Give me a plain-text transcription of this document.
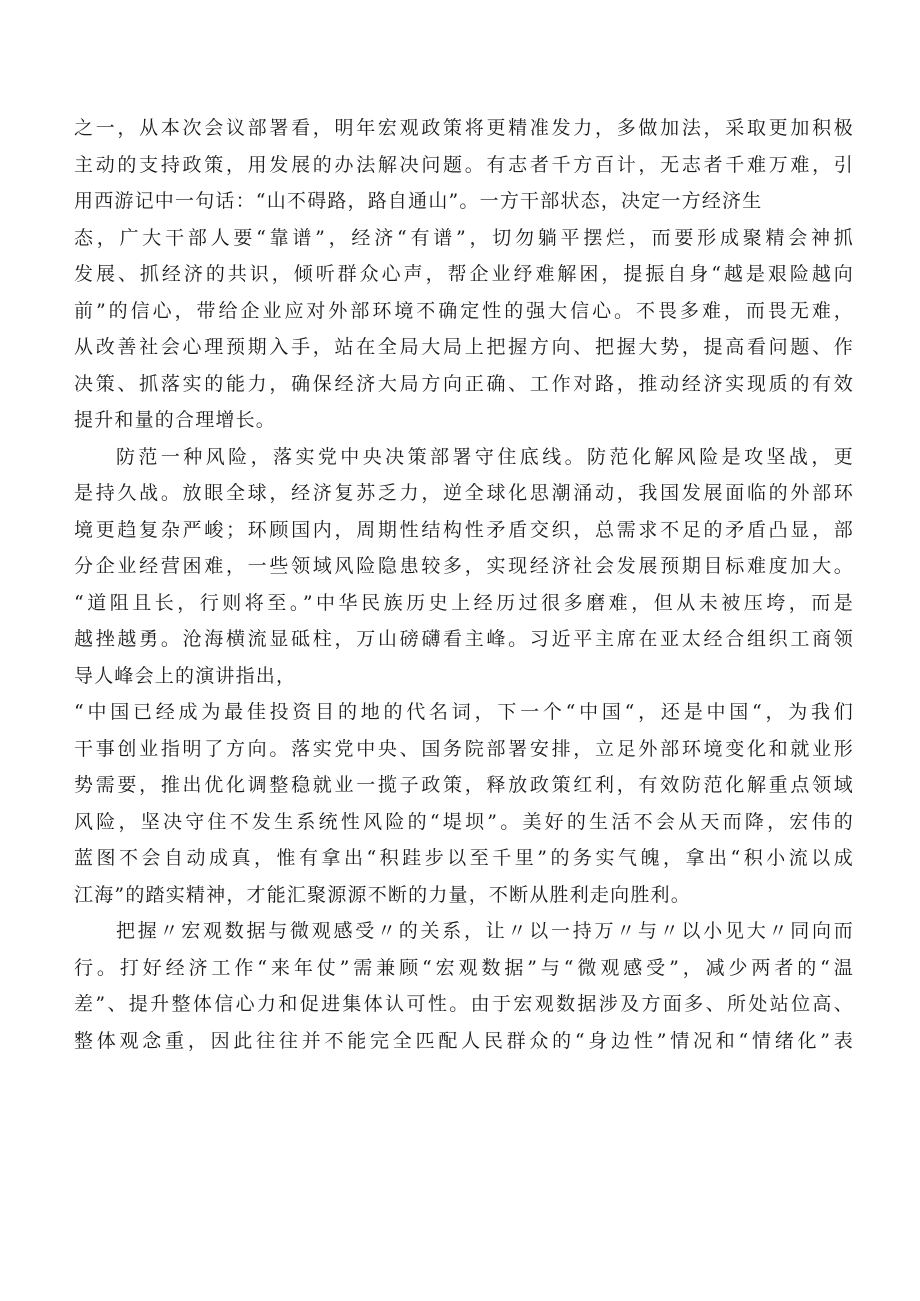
之一，从本次会议部署看，明年宏观政策将更精准发力，多做加法，采取更加积极
主动的支持政策，用发展的办法解决问题。有志者千方百计，无志者千难万难，引
用西游记中一句话：“山不碍路，路自通山”。一方干部状态，决定一方经济生
态，广大干部人要“靠谱”，经济“有谱”，切勿躺平摆烂，而要形成聚精会神抓
发展、抓经济的共识，倾听群众心声，帮企业纾难解困，提振自身“越是艰险越向
前”的信心，带给企业应对外部环境不确定性的强大信心。不畏多难，而畏无难，
从改善社会心理预期入手，站在全局大局上把握方向、把握大势，提高看问题、作
决策、抓落实的能力，确保经济大局方向正确、工作对路，推动经济实现质的有效
提升和量的合理增长。
防范一种风险，落实党中央决策部署守住底线。防范化解风险是攻坚战，更
是持久战。放眼全球，经济复苏乏力，逆全球化思潮涌动，我国发展面临的外部环
境更趋复杂严峻；环顾国内，周期性结构性矛盾交织，总需求不足的矛盾凸显，部
分企业经营困难，一些领域风险隐患较多，实现经济社会发展预期目标难度加大。
“道阻且长，行则将至。”中华民族历史上经历过很多磨难，但从未被压垮，而是
越挫越勇。沧海横流显砥柱，万山磅礴看主峰。习近平主席在亚太经合组织工商领
导人峰会上的演讲指出，
“中国已经成为最佳投资目的地的代名词，下一个“中国“，还是中国“，为我们
干事创业指明了方向。落实党中央、国务院部署安排，立足外部环境变化和就业形
势需要，推出优化调整稳就业一揽子政策，释放政策红利，有效防范化解重点领域
风险，坚决守住不发生系统性风险的“堤坝”。美好的生活不会从天而降，宏伟的
蓝图不会自动成真，惟有拿出“积跬步以至千里”的务实气魄，拿出“积小流以成
江海”的踏实精神，才能汇聚源源不断的力量，不断从胜利走向胜利。
把握〃宏观数据与微观感受〃的关系，让〃以一持万〃与〃以小见大〃同向而
行。打好经济工作“来年仗”需兼顾“宏观数据”与“微观感受”，减少两者的“温
差”、提升整体信心力和促进集体认可性。由于宏观数据涉及方面多、所处站位高、
整体观念重，因此往往并不能完全匹配人民群众的“身边性”情况和“情绪化”表
